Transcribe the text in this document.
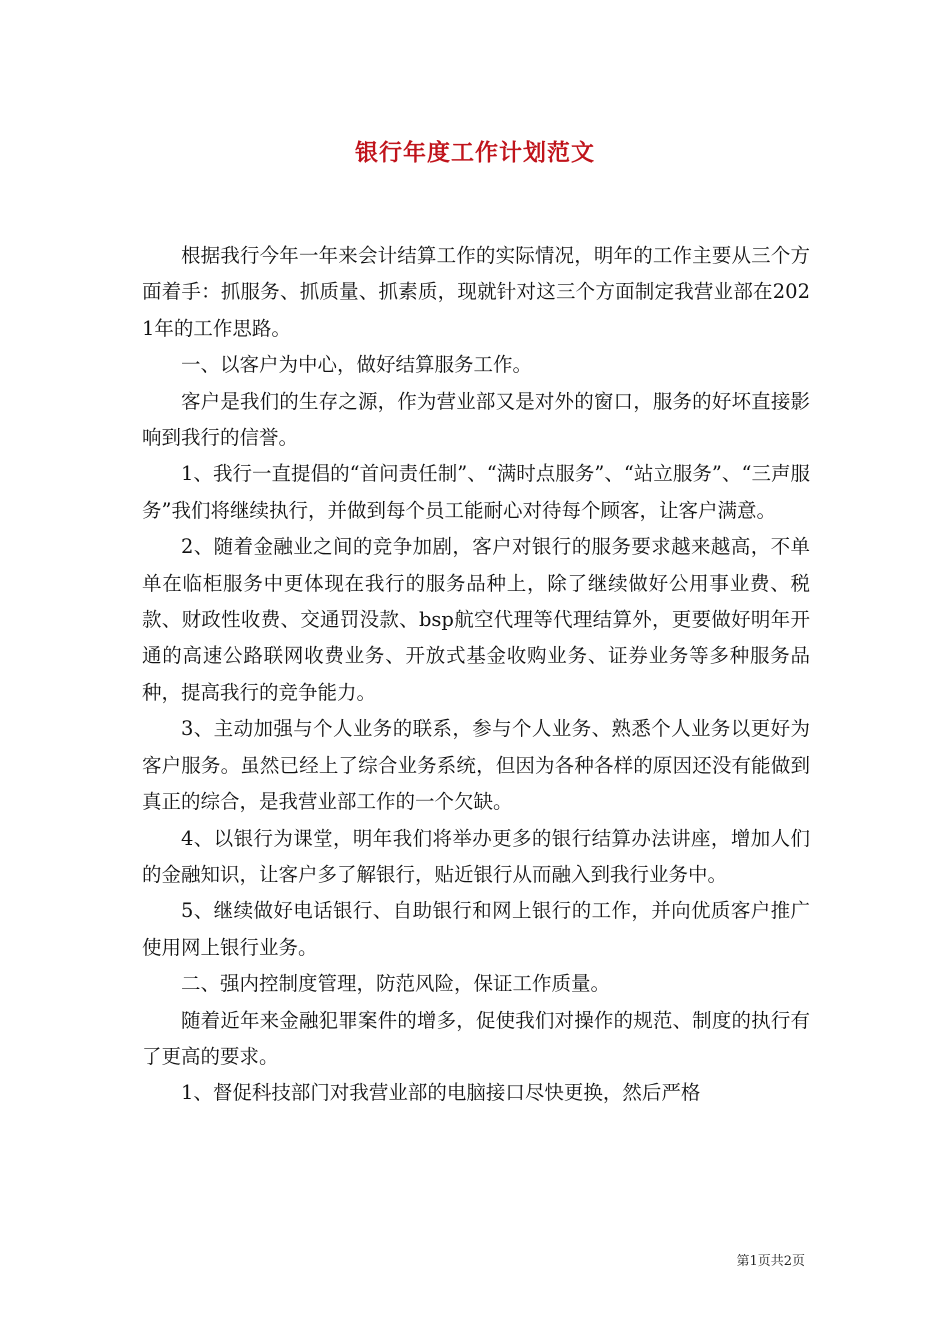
银行年度工作计划范文

根据我行今年一年来会计结算工作的实际情况，明年的工作主要从三个方面着手：抓服务、抓质量、抓素质，现就针对这三个方面制定我营业部在2021年的工作思路。

一、以客户为中心，做好结算服务工作。

客户是我们的生存之源，作为营业部又是对外的窗口，服务的好坏直接影响到我行的信誉。

1、我行一直提倡的“首问责任制”、“满时点服务”、“站立服务”、“三声服务”我们将继续执行，并做到每个员工能耐心对待每个顾客，让客户满意。

2、随着金融业之间的竞争加剧，客户对银行的服务要求越来越高，不单单在临柜服务中更体现在我行的服务品种上，除了继续做好公用事业费、税款、财政性收费、交通罚没款、bsp航空代理等代理结算外，更要做好明年开通的高速公路联网收费业务、开放式基金收购业务、证券业务等多种服务品种，提高我行的竞争能力。

3、主动加强与个人业务的联系，参与个人业务、熟悉个人业务以更好为客户服务。虽然已经上了综合业务系统，但因为各种各样的原因还没有能做到真正的综合，是我营业部工作的一个欠缺。

4、以银行为课堂，明年我们将举办更多的银行结算办法讲座，增加人们的金融知识，让客户多了解银行，贴近银行从而融入到我行业务中。

5、继续做好电话银行、自助银行和网上银行的工作，并向优质客户推广使用网上银行业务。

二、强内控制度管理，防范风险，保证工作质量。

随着近年来金融犯罪案件的增多，促使我们对操作的规范、制度的执行有了更高的要求。

1、督促科技部门对我营业部的电脑接口尽快更换，然后严格

第1页共2页
